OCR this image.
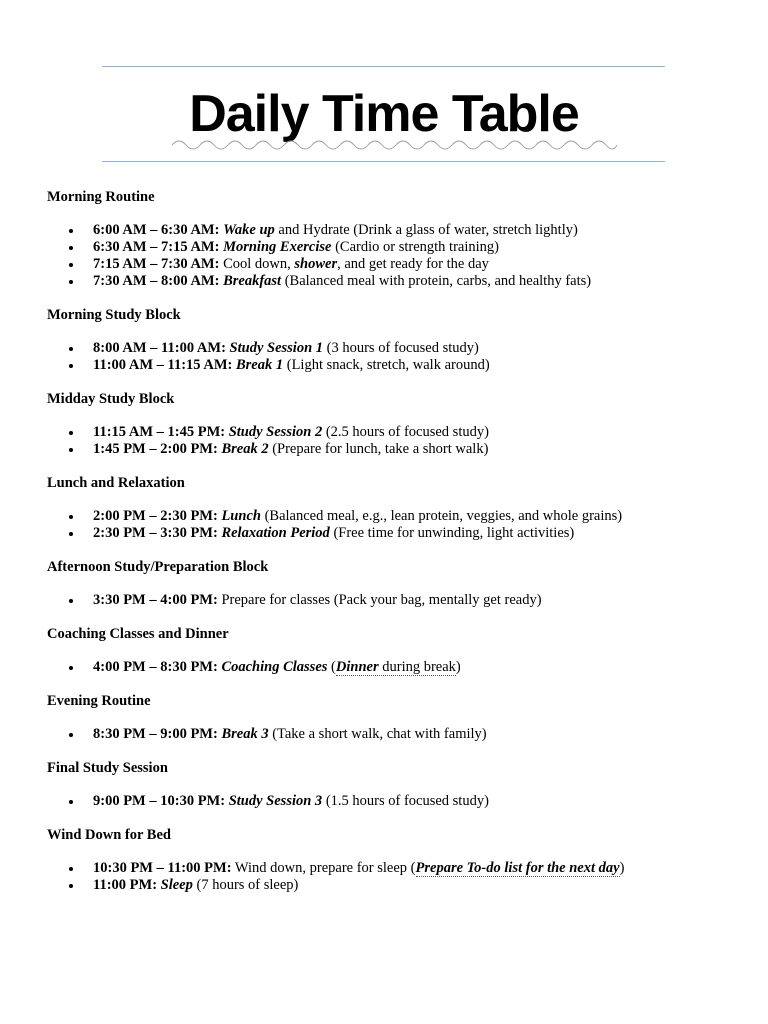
Daily Time Table

Morning Routine

6:00 AM – 6:30 AM: Wake up and Hydrate (Drink a glass of water, stretch lightly)
6:30 AM – 7:15 AM: Morning Exercise (Cardio or strength training)
7:15 AM – 7:30 AM: Cool down, shower, and get ready for the day
7:30 AM – 8:00 AM: Breakfast (Balanced meal with protein, carbs, and healthy fats)

Morning Study Block

8:00 AM – 11:00 AM: Study Session 1 (3 hours of focused study)
11:00 AM – 11:15 AM: Break 1 (Light snack, stretch, walk around)

Midday Study Block

11:15 AM – 1:45 PM: Study Session 2 (2.5 hours of focused study)
1:45 PM – 2:00 PM: Break 2 (Prepare for lunch, take a short walk)

Lunch and Relaxation

2:00 PM – 2:30 PM: Lunch (Balanced meal, e.g., lean protein, veggies, and whole grains)
2:30 PM – 3:30 PM: Relaxation Period (Free time for unwinding, light activities)

Afternoon Study/Preparation Block

3:30 PM – 4:00 PM: Prepare for classes (Pack your bag, mentally get ready)

Coaching Classes and Dinner

4:00 PM – 8:30 PM: Coaching Classes (Dinner during break)

Evening Routine

8:30 PM – 9:00 PM: Break 3 (Take a short walk, chat with family)

Final Study Session

9:00 PM – 10:30 PM: Study Session 3 (1.5 hours of focused study)

Wind Down for Bed

10:30 PM – 11:00 PM: Wind down, prepare for sleep (Prepare To-do list for the next day)
11:00 PM: Sleep (7 hours of sleep)
